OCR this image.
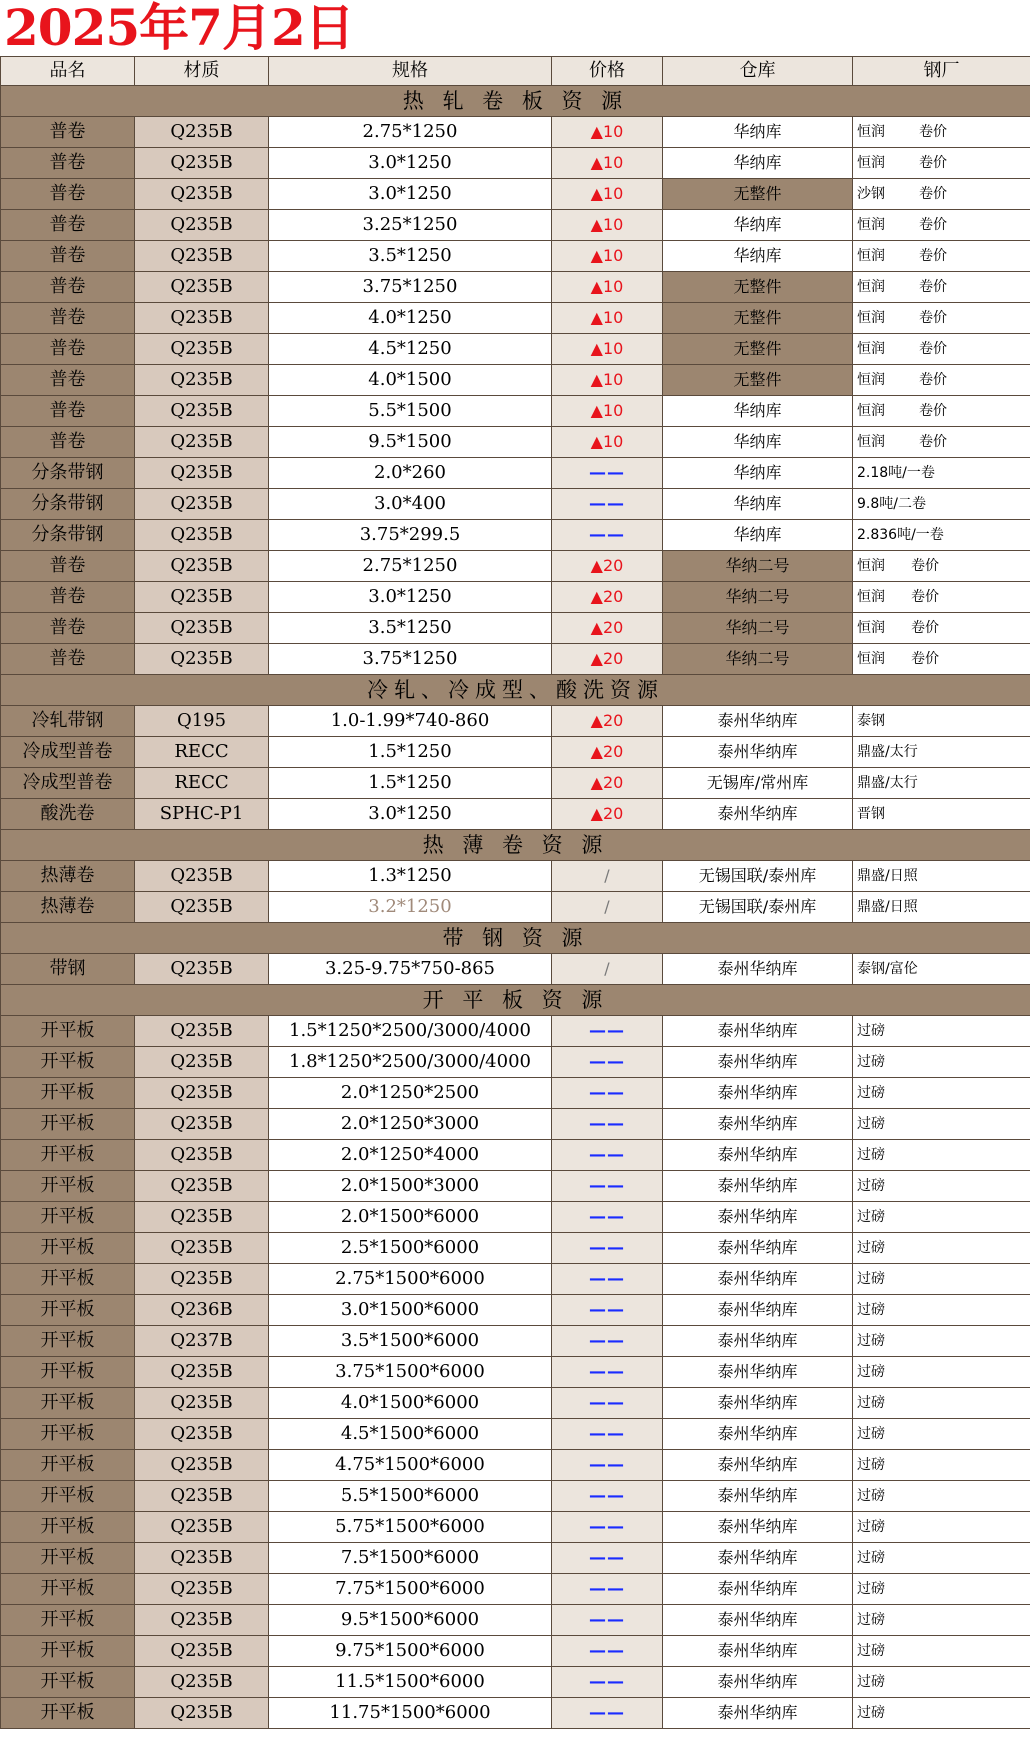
2025年7月2日
品名	材质	规格	价格	仓库	钢厂
热 轧 卷 板 资 源					
普卷	Q235B	2.75*1250	▲10	华纳库	恒润 卷价
普卷	Q235B	3.0*1250	▲10	华纳库	恒润 卷价
普卷	Q235B	3.0*1250	▲10	无整件	沙钢 卷价
普卷	Q235B	3.25*1250	▲10	华纳库	恒润 卷价
普卷	Q235B	3.5*1250	▲10	华纳库	恒润 卷价
普卷	Q235B	3.75*1250	▲10	无整件	恒润 卷价
普卷	Q235B	4.0*1250	▲10	无整件	恒润 卷价
普卷	Q235B	4.5*1250	▲10	无整件	恒润 卷价
普卷	Q235B	4.0*1500	▲10	无整件	恒润 卷价
普卷	Q235B	5.5*1500	▲10	华纳库	恒润 卷价
普卷	Q235B	9.5*1500	▲10	华纳库	恒润 卷价
分条带钢	Q235B	2.0*260	——	华纳库	2.18吨/一卷
分条带钢	Q235B	3.0*400	——	华纳库	9.8吨/二卷
分条带钢	Q235B	3.75*299.5	——	华纳库	2.836吨/一卷
普卷	Q235B	2.75*1250	▲20	华纳二号	恒润 卷价
普卷	Q235B	3.0*1250	▲20	华纳二号	恒润 卷价
普卷	Q235B	3.5*1250	▲20	华纳二号	恒润 卷价
普卷	Q235B	3.75*1250	▲20	华纳二号	恒润 卷价
冷轧、冷成型、酸洗资源					
冷轧带钢	Q195	1.0-1.99*740-860	▲20	泰州华纳库	泰钢
冷成型普卷	RECC	1.5*1250	▲20	泰州华纳库	鼎盛/太行
冷成型普卷	RECC	1.5*1250	▲20	无锡库/常州库	鼎盛/太行
酸洗卷	SPHC-P1	3.0*1250	▲20	泰州华纳库	晋钢
热 薄 卷 资 源					
热薄卷	Q235B	1.3*1250	/	无锡国联/泰州库	鼎盛/日照
热薄卷	Q235B	3.2*1250	/	无锡国联/泰州库	鼎盛/日照
带 钢 资 源					
带钢	Q235B	3.25-9.75*750-865	/	泰州华纳库	泰钢/富伦
开 平 板 资 源					
开平板	Q235B	1.5*1250*2500/3000/4000	——	泰州华纳库	过磅
开平板	Q235B	1.8*1250*2500/3000/4000	——	泰州华纳库	过磅
开平板	Q235B	2.0*1250*2500	——	泰州华纳库	过磅
开平板	Q235B	2.0*1250*3000	——	泰州华纳库	过磅
开平板	Q235B	2.0*1250*4000	——	泰州华纳库	过磅
开平板	Q235B	2.0*1500*3000	——	泰州华纳库	过磅
开平板	Q235B	2.0*1500*6000	——	泰州华纳库	过磅
开平板	Q235B	2.5*1500*6000	——	泰州华纳库	过磅
开平板	Q235B	2.75*1500*6000	——	泰州华纳库	过磅
开平板	Q236B	3.0*1500*6000	——	泰州华纳库	过磅
开平板	Q237B	3.5*1500*6000	——	泰州华纳库	过磅
开平板	Q235B	3.75*1500*6000	——	泰州华纳库	过磅
开平板	Q235B	4.0*1500*6000	——	泰州华纳库	过磅
开平板	Q235B	4.5*1500*6000	——	泰州华纳库	过磅
开平板	Q235B	4.75*1500*6000	——	泰州华纳库	过磅
开平板	Q235B	5.5*1500*6000	——	泰州华纳库	过磅
开平板	Q235B	5.75*1500*6000	——	泰州华纳库	过磅
开平板	Q235B	7.5*1500*6000	——	泰州华纳库	过磅
开平板	Q235B	7.75*1500*6000	——	泰州华纳库	过磅
开平板	Q235B	9.5*1500*6000	——	泰州华纳库	过磅
开平板	Q235B	9.75*1500*6000	——	泰州华纳库	过磅
开平板	Q235B	11.5*1500*6000	——	泰州华纳库	过磅
开平板	Q235B	11.75*1500*6000	——	泰州华纳库	过磅
